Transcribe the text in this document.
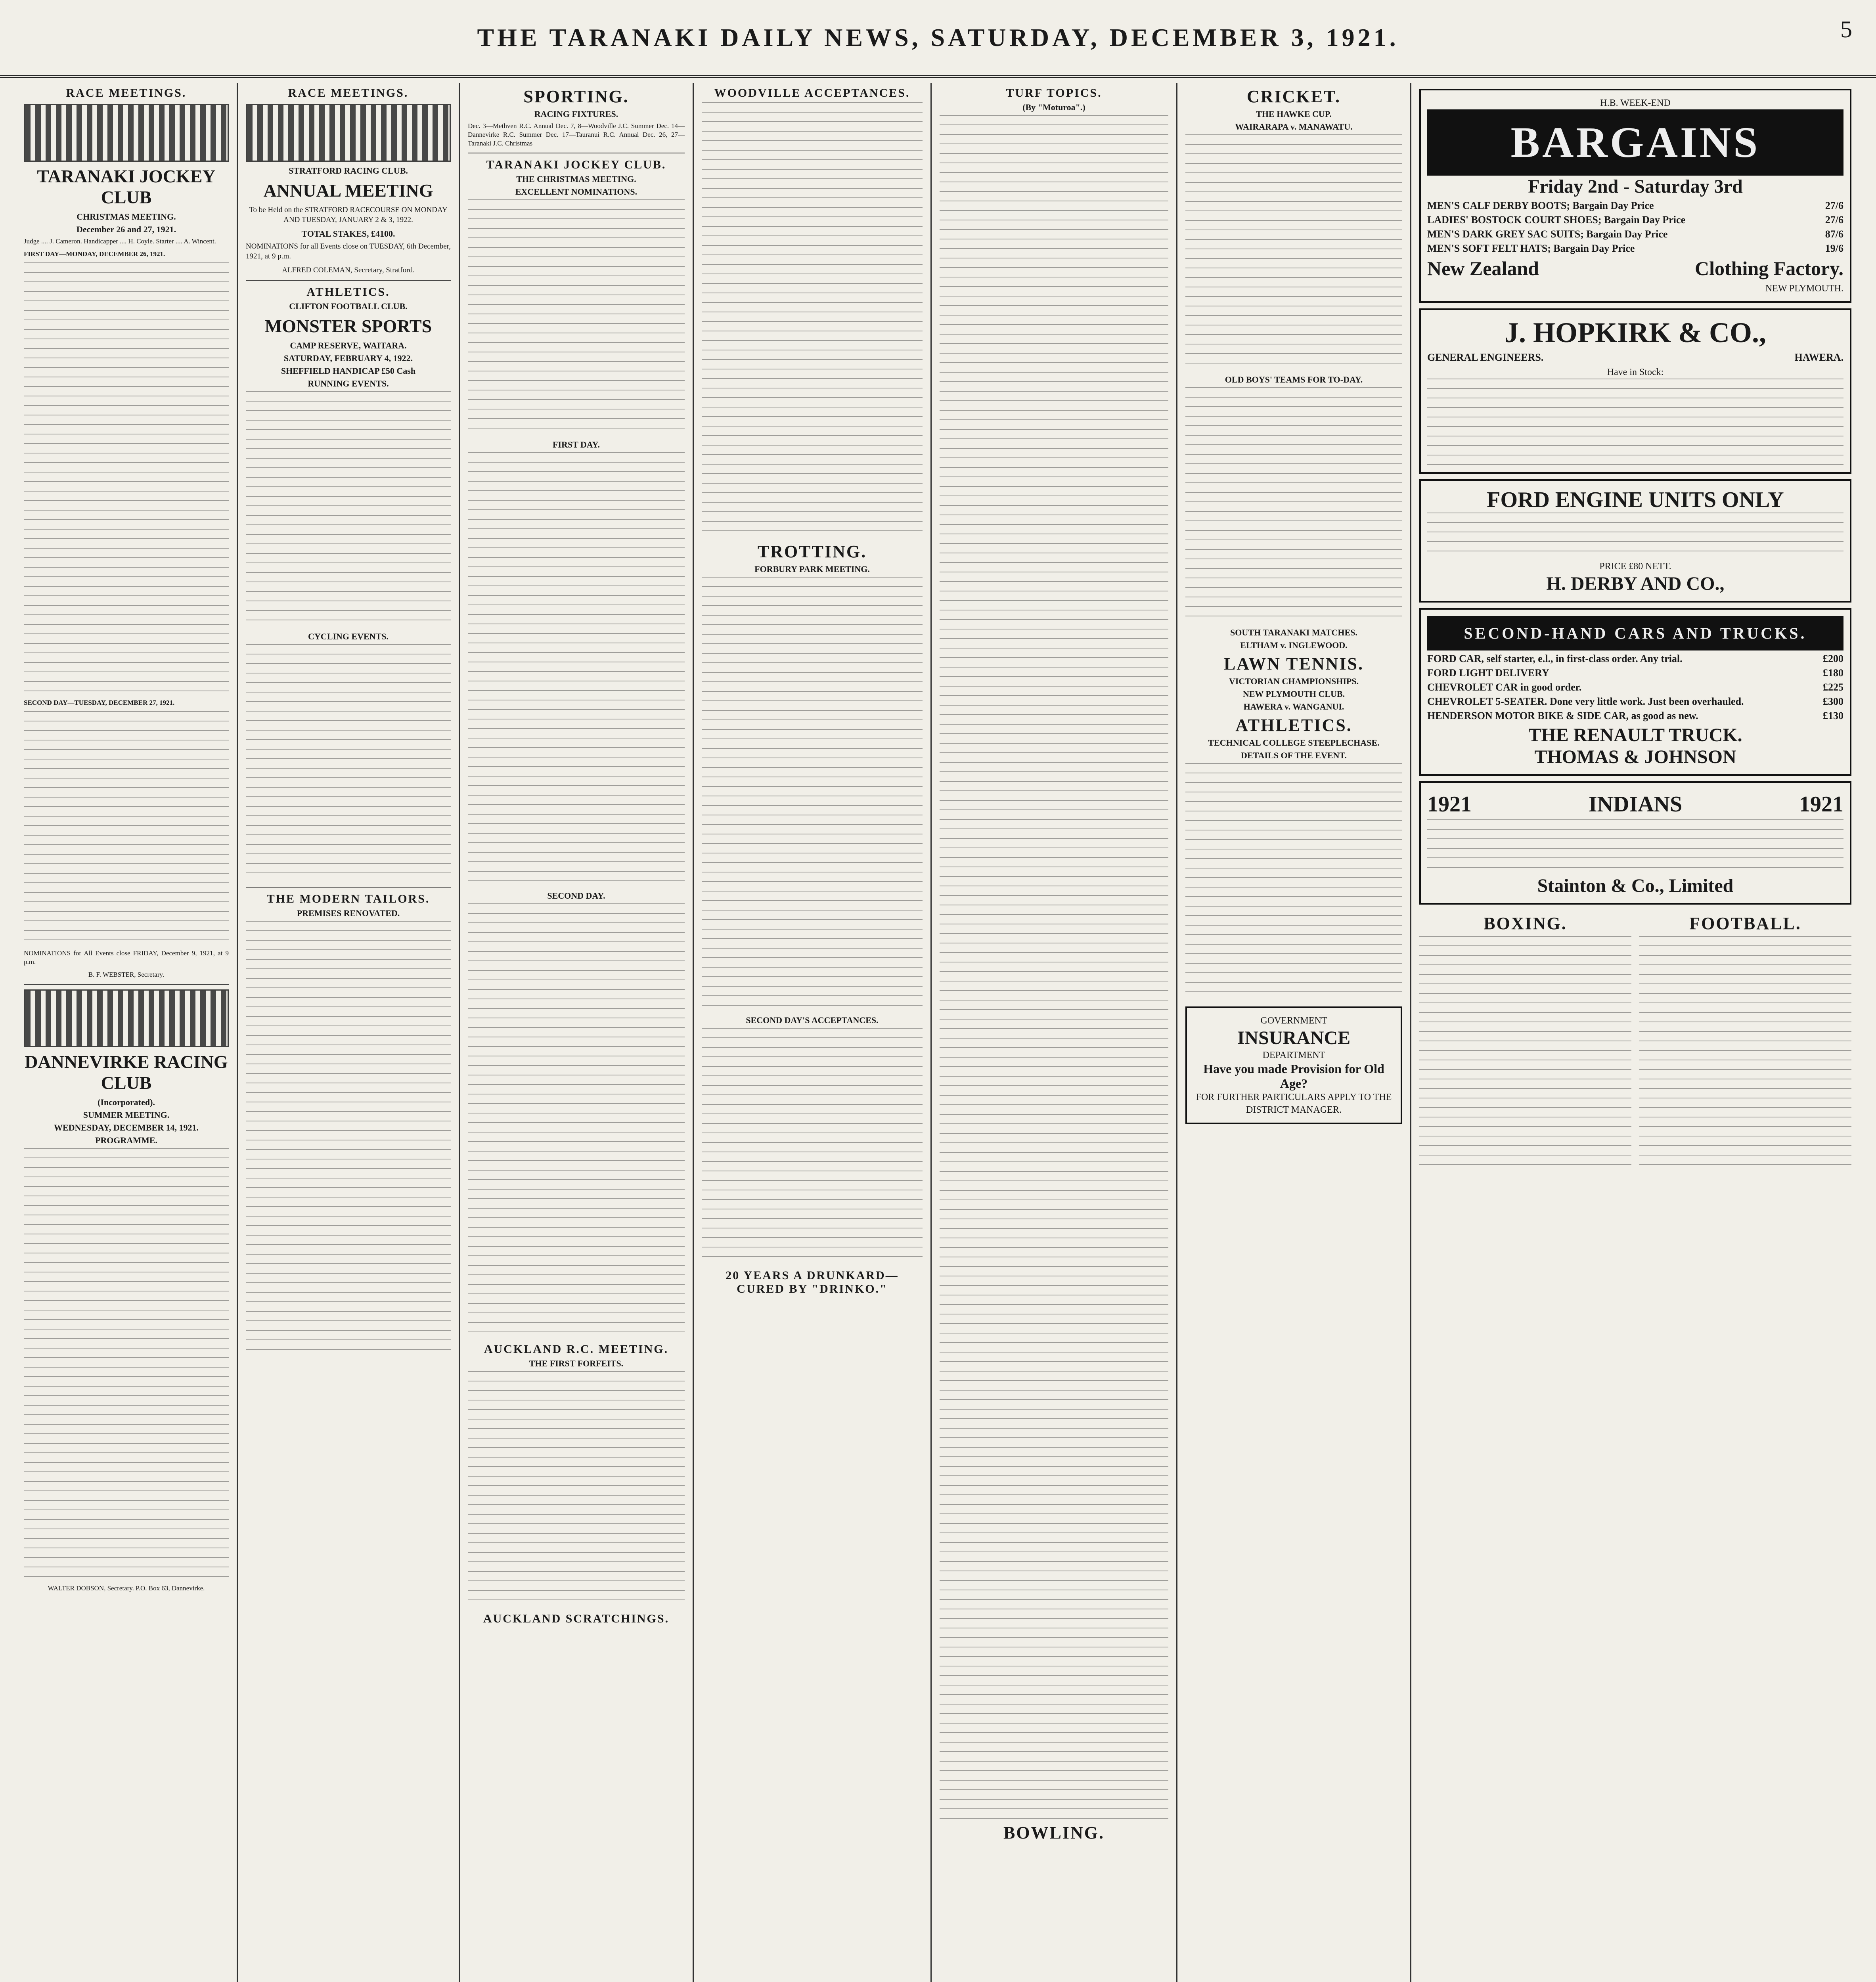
THE TARANAKI DAILY NEWS, SATURDAY, DECEMBER 3, 1921.	5
RACE MEETINGS.
TARANAKI JOCKEY CLUB
CHRISTMAS MEETING.
December 26 and 27, 1921.
Judge .... J. Cameron. Handicapper .... H. Coyle. Starter .... A. Wincent.
FIRST DAY—MONDAY, DECEMBER 26, 1921.
SECOND DAY—TUESDAY, DECEMBER 27, 1921.
NOMINATIONS for All Events close FRIDAY, December 9, 1921, at 9 p.m.
B. F. WEBSTER, Secretary.
DANNEVIRKE RACING CLUB
(Incorporated).
SUMMER MEETING.
WEDNESDAY, DECEMBER 14, 1921.
PROGRAMME.
WALTER DOBSON, Secretary. P.O. Box 63, Dannevirke.
RACE MEETINGS.
STRATFORD RACING CLUB.
ANNUAL MEETING
To be Held on the STRATFORD RACECOURSE ON MONDAY AND TUESDAY, JANUARY 2 & 3, 1922.
TOTAL STAKES, £4100.
NOMINATIONS for all Events close on TUESDAY, 6th December, 1921, at 9 p.m.
ALFRED COLEMAN, Secretary, Stratford.
ATHLETICS.
CLIFTON FOOTBALL CLUB.
MONSTER SPORTS
CAMP RESERVE, WAITARA.
SATURDAY, FEBRUARY 4, 1922.
SHEFFIELD HANDICAP £50 Cash
RUNNING EVENTS.
CYCLING EVENTS.
THE MODERN TAILORS.
PREMISES RENOVATED.
SPORTING.
RACING FIXTURES.
Dec. 3—Methven R.C. Annual Dec. 7, 8—Woodville J.C. Summer Dec. 14—Dannevirke R.C. Summer Dec. 17—Tauranui R.C. Annual Dec. 26, 27—Taranaki J.C. Christmas
TARANAKI JOCKEY CLUB.
THE CHRISTMAS MEETING.
EXCELLENT NOMINATIONS.
FIRST DAY.
SECOND DAY.
AUCKLAND R.C. MEETING.
THE FIRST FORFEITS.
AUCKLAND SCRATCHINGS.
WOODVILLE ACCEPTANCES.
TROTTING.
FORBURY PARK MEETING.
SECOND DAY'S ACCEPTANCES.
20 YEARS A DRUNKARD—CURED BY "DRINKO."
TURF TOPICS.
(By "Moturoa".)
BOWLING.
CRICKET.
THE HAWKE CUP.
WAIRARAPA v. MANAWATU.
OLD BOYS' TEAMS FOR TO-DAY.
SOUTH TARANAKI MATCHES.
ELTHAM v. INGLEWOOD.
LAWN TENNIS.
VICTORIAN CHAMPIONSHIPS.
NEW PLYMOUTH CLUB.
HAWERA v. WANGANUI.
ATHLETICS.
TECHNICAL COLLEGE STEEPLECHASE.
DETAILS OF THE EVENT.
GOVERNMENT
INSURANCE
DEPARTMENT
Have you made Provision for Old Age?
FOR FURTHER PARTICULARS APPLY TO THE DISTRICT MANAGER.
H.B. WEEK-END
BARGAINS
Friday 2nd - Saturday 3rd
MEN'S CALF DERBY BOOTS; Bargain Day Price	27/6
LADIES' BOSTOCK COURT SHOES; Bargain Day Price	27/6
MEN'S DARK GREY SAC SUITS; Bargain Day Price	87/6
MEN'S SOFT FELT HATS; Bargain Day Price	19/6
New Zealand	Clothing Factory.
NEW PLYMOUTH.
J. HOPKIRK & CO.,
GENERAL ENGINEERS.	HAWERA.
Have in Stock:
FORD ENGINE UNITS ONLY
PRICE £80 NETT.
H. DERBY AND CO.,
SECOND-HAND CARS AND TRUCKS.
FORD CAR, self starter, e.l., in first-class order. Any trial.	£200
FORD LIGHT DELIVERY	£180
CHEVROLET CAR in good order.	£225
CHEVROLET 5-SEATER. Done very little work. Just been overhauled.	£300
HENDERSON MOTOR BIKE & SIDE CAR, as good as new.	£130
THE RENAULT TRUCK.
THOMAS & JOHNSON
1921	INDIANS	1921
Stainton & Co., Limited
BOXING.	FOOTBALL.
